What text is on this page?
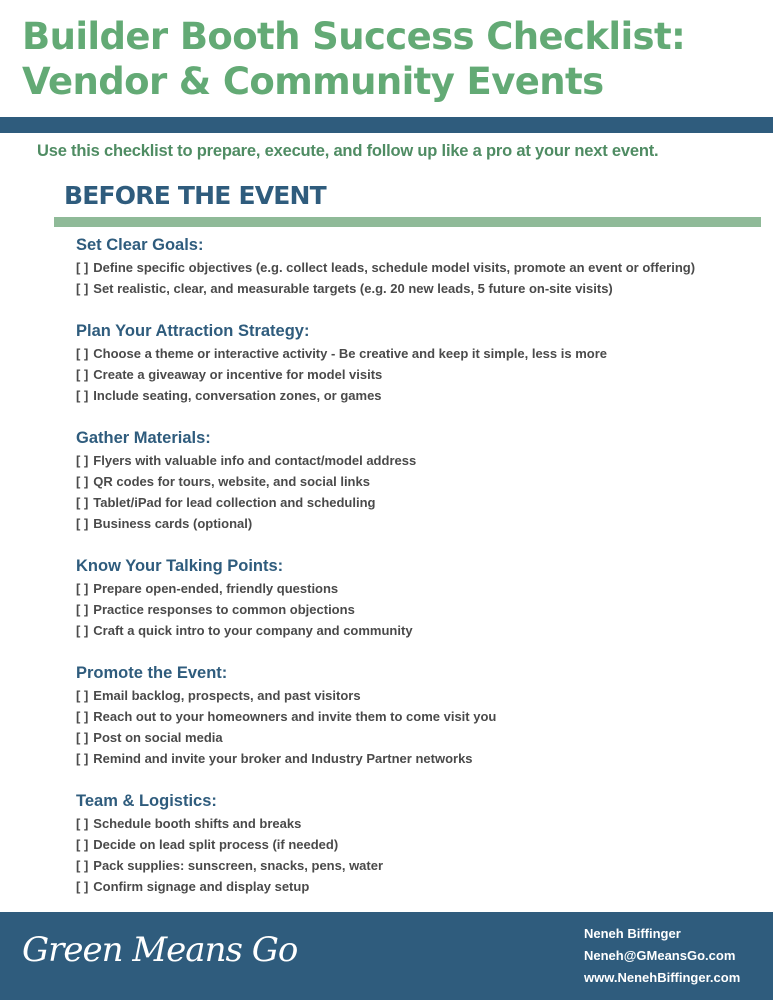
Builder Booth Success Checklist:
Vendor & Community Events
Use this checklist to prepare, execute, and follow up like a pro at your next event.
BEFORE THE EVENT
Set Clear Goals:
[ ] Define specific objectives (e.g. collect leads, schedule model visits, promote an event or offering)
[ ] Set realistic, clear, and measurable targets (e.g. 20 new leads, 5 future on-site visits)
Plan Your Attraction Strategy:
[ ] Choose a theme or interactive activity - Be creative and keep it simple, less is more
[ ] Create a giveaway or incentive for model visits
[ ] Include seating, conversation zones, or games
Gather Materials:
[ ] Flyers with valuable info and contact/model address
[ ] QR codes for tours, website, and social links
[ ] Tablet/iPad for lead collection and scheduling
[ ] Business cards (optional)
Know Your Talking Points:
[ ] Prepare open-ended, friendly questions
[ ] Practice responses to common objections
[ ] Craft a quick intro to your company and community
Promote the Event:
[ ] Email backlog, prospects, and past visitors
[ ] Reach out to your homeowners and invite them to come visit you
[ ] Post on social media
[ ] Remind and invite your broker and Industry Partner networks
Team & Logistics:
[ ] Schedule booth shifts and breaks
[ ] Decide on lead split process (if needed)
[ ] Pack supplies: sunscreen, snacks, pens, water
[ ] Confirm signage and display setup
Green Means Go	Neneh Biffinger
Neneh@GMeansGo.com
www.NenehBiffinger.com
